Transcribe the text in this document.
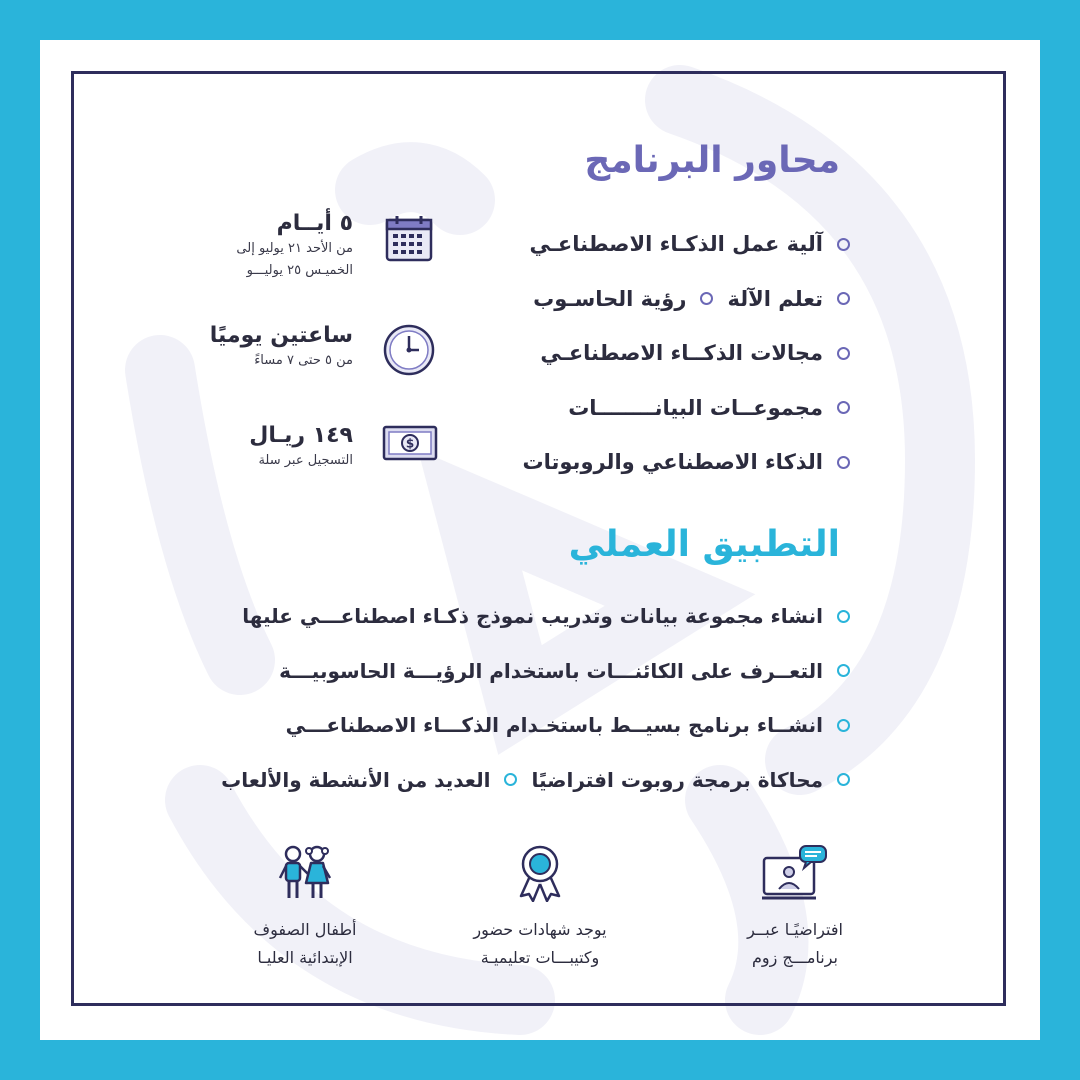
محاور البرنامج
آلية عمل الذكـاء الاصطناعـي
تعلم الآلة
رؤية الحاسـوب
مجالات الذكــاء الاصطناعـي
مجموعــات البيانــــــــات
الذكاء الاصطناعي والروبوتات
٥ أيــام
من الأحد ٢١ يوليو إلى
الخميـس ٢٥ يوليـــو
ساعتين يوميًا
من ٥ حتى ٧ مساءً
$
١٤٩ ريـال
التسجيل عبر سلة
التطبيق العملي
انشاء مجموعة بيانات وتدريب نموذج ذكـاء اصطناعـــي عليها
التعــرف على الكائنـــات باستخدام الرؤيـــة الحاسوبيـــة
انشــاء برنامج بسيــط باستخـدام الذكـــاء الاصطناعـــي
محاكاة برمجة روبوت افتراضيًا
العديد من الأنشطة والألعاب
افتراضيًـا عبــر
برنامـــج زوم
يوجد شهادات حضور
وكتيبـــات تعليميـة
أطفال الصفوف
الإبتدائية العليـا
